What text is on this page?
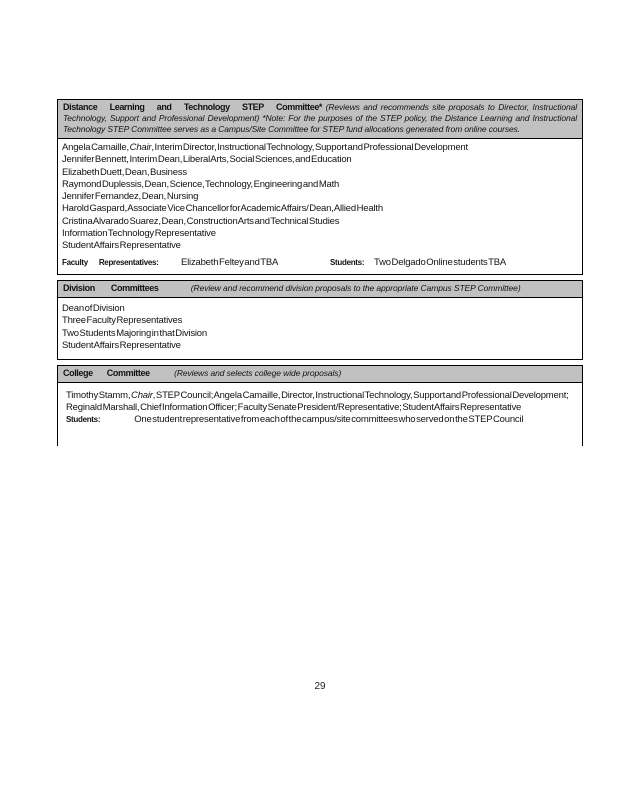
Distance Learning and Technology STEP Committee* (Reviews and recommends site proposals to Director, Instructional Technology, Support and Professional Development) *Note: For the purposes of the STEP policy, the Distance Learning and Instructional Technology STEP Committee serves as a Campus/Site Committee for STEP fund allocations generated from online courses.
Angela Camaille, Chair, Interim Director, Instructional Technology, Support and Professional Development
Jennifer Bennett, Interim Dean, Liberal Arts, Social Sciences, and Education
Elizabeth Duett, Dean, Business
Raymond Duplessis, Dean, Science, Technology, Engineering and Math
Jennifer Fernandez, Dean, Nursing
Harold Gaspard, Associate Vice Chancellor for Academic Affairs/ Dean, Allied Health
Cristina Alvarado Suarez, Dean, Construction Arts and Technical Studies
Information Technology Representative
Student Affairs Representative
Faculty Representatives:	Elizabeth Feltey and TBA	Students:	Two Delgado Online students TBA
Division Committees	(Review and recommend division proposals to the appropriate Campus STEP Committee)
Dean of Division
Three Faculty Representatives
Two Students Majoring in that Division
Student Affairs Representative
College Committee	(Reviews and selects college wide proposals)
Timothy Stamm, Chair, STEP Council; Angela Camaille, Director, Instructional Technology, Support and Professional Development; Reginald Marshall, Chief Information Officer; Faculty Senate President/Representative; Student Affairs Representative Students:	One student representative from each of the campus/site committees who served on the STEP Council
29
